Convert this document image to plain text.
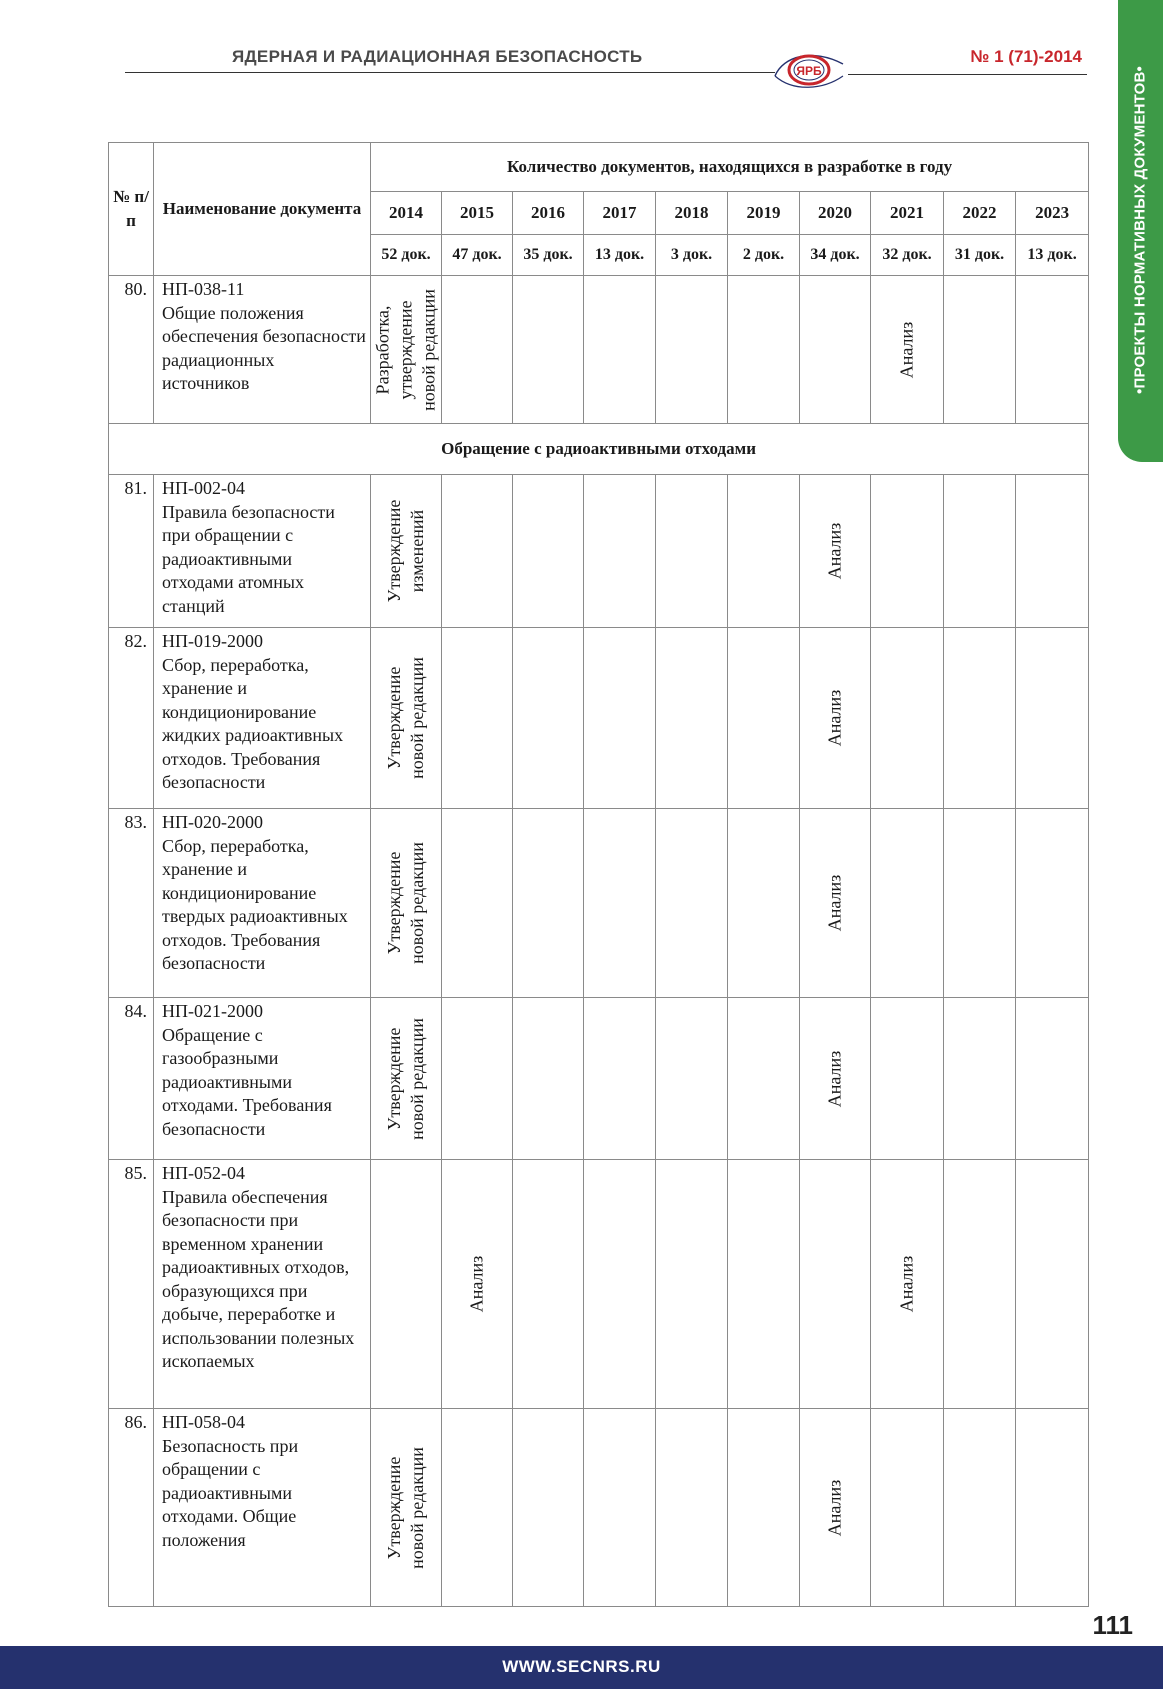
ЯДЕРНАЯ И РАДИАЦИОННАЯ БЕЗОПАСНОСТЬ
ЯРБ
№ 1 (71)-2014
•ПРОЕКТЫ НОРМАТИВНЫХ ДОКУМЕНТОВ•
№ п/п	Наименование документа	Количество документов, находящихся в разработке в году									
		2014	2015	2016	2017	2018	2019	2020	2021	2022	2023
		52 док.	47 док.	35 док.	13 док.	3 док.	2 док.	34 док.	32 док.	31 док.	13 док.
80.	НП-038-11
Общие положения обеспечения безопасности радиационных источников	Разработка, утверждение новой редакции							Анализ		

Обращение с радиоактивными отходами											
81.	НП-002-04
Правила безопасности при обращении с радиоактивными отходами атомных станций	Утверждение изменений						Анализ			

82.	НП-019-2000
Сбор, переработка, хранение и кондиционирование жидких радиоактивных отходов. Требования безопасности	Утверждение новой редакции						Анализ			

83.	НП-020-2000
Сбор, переработка, хранение и кондиционирование твердых радиоактивных отходов. Требования безопасности	Утверждение новой редакции						Анализ			

84.	НП-021-2000
Обращение с газообразными радиоактивными отходами. Требования безопасности	Утверждение новой редакции						Анализ			

85.	НП-052-04
Правила обеспечения безопасности при временном хранении радиоактивных отходов, образующихся при добыче, переработке и использовании полезных ископаемых		Анализ						Анализ		

86.	НП-058-04
Безопасность при обращении с радиоактивными отходами. Общие положения	Утверждение новой редакции						Анализ			

111
WWW.SECNRS.RU
